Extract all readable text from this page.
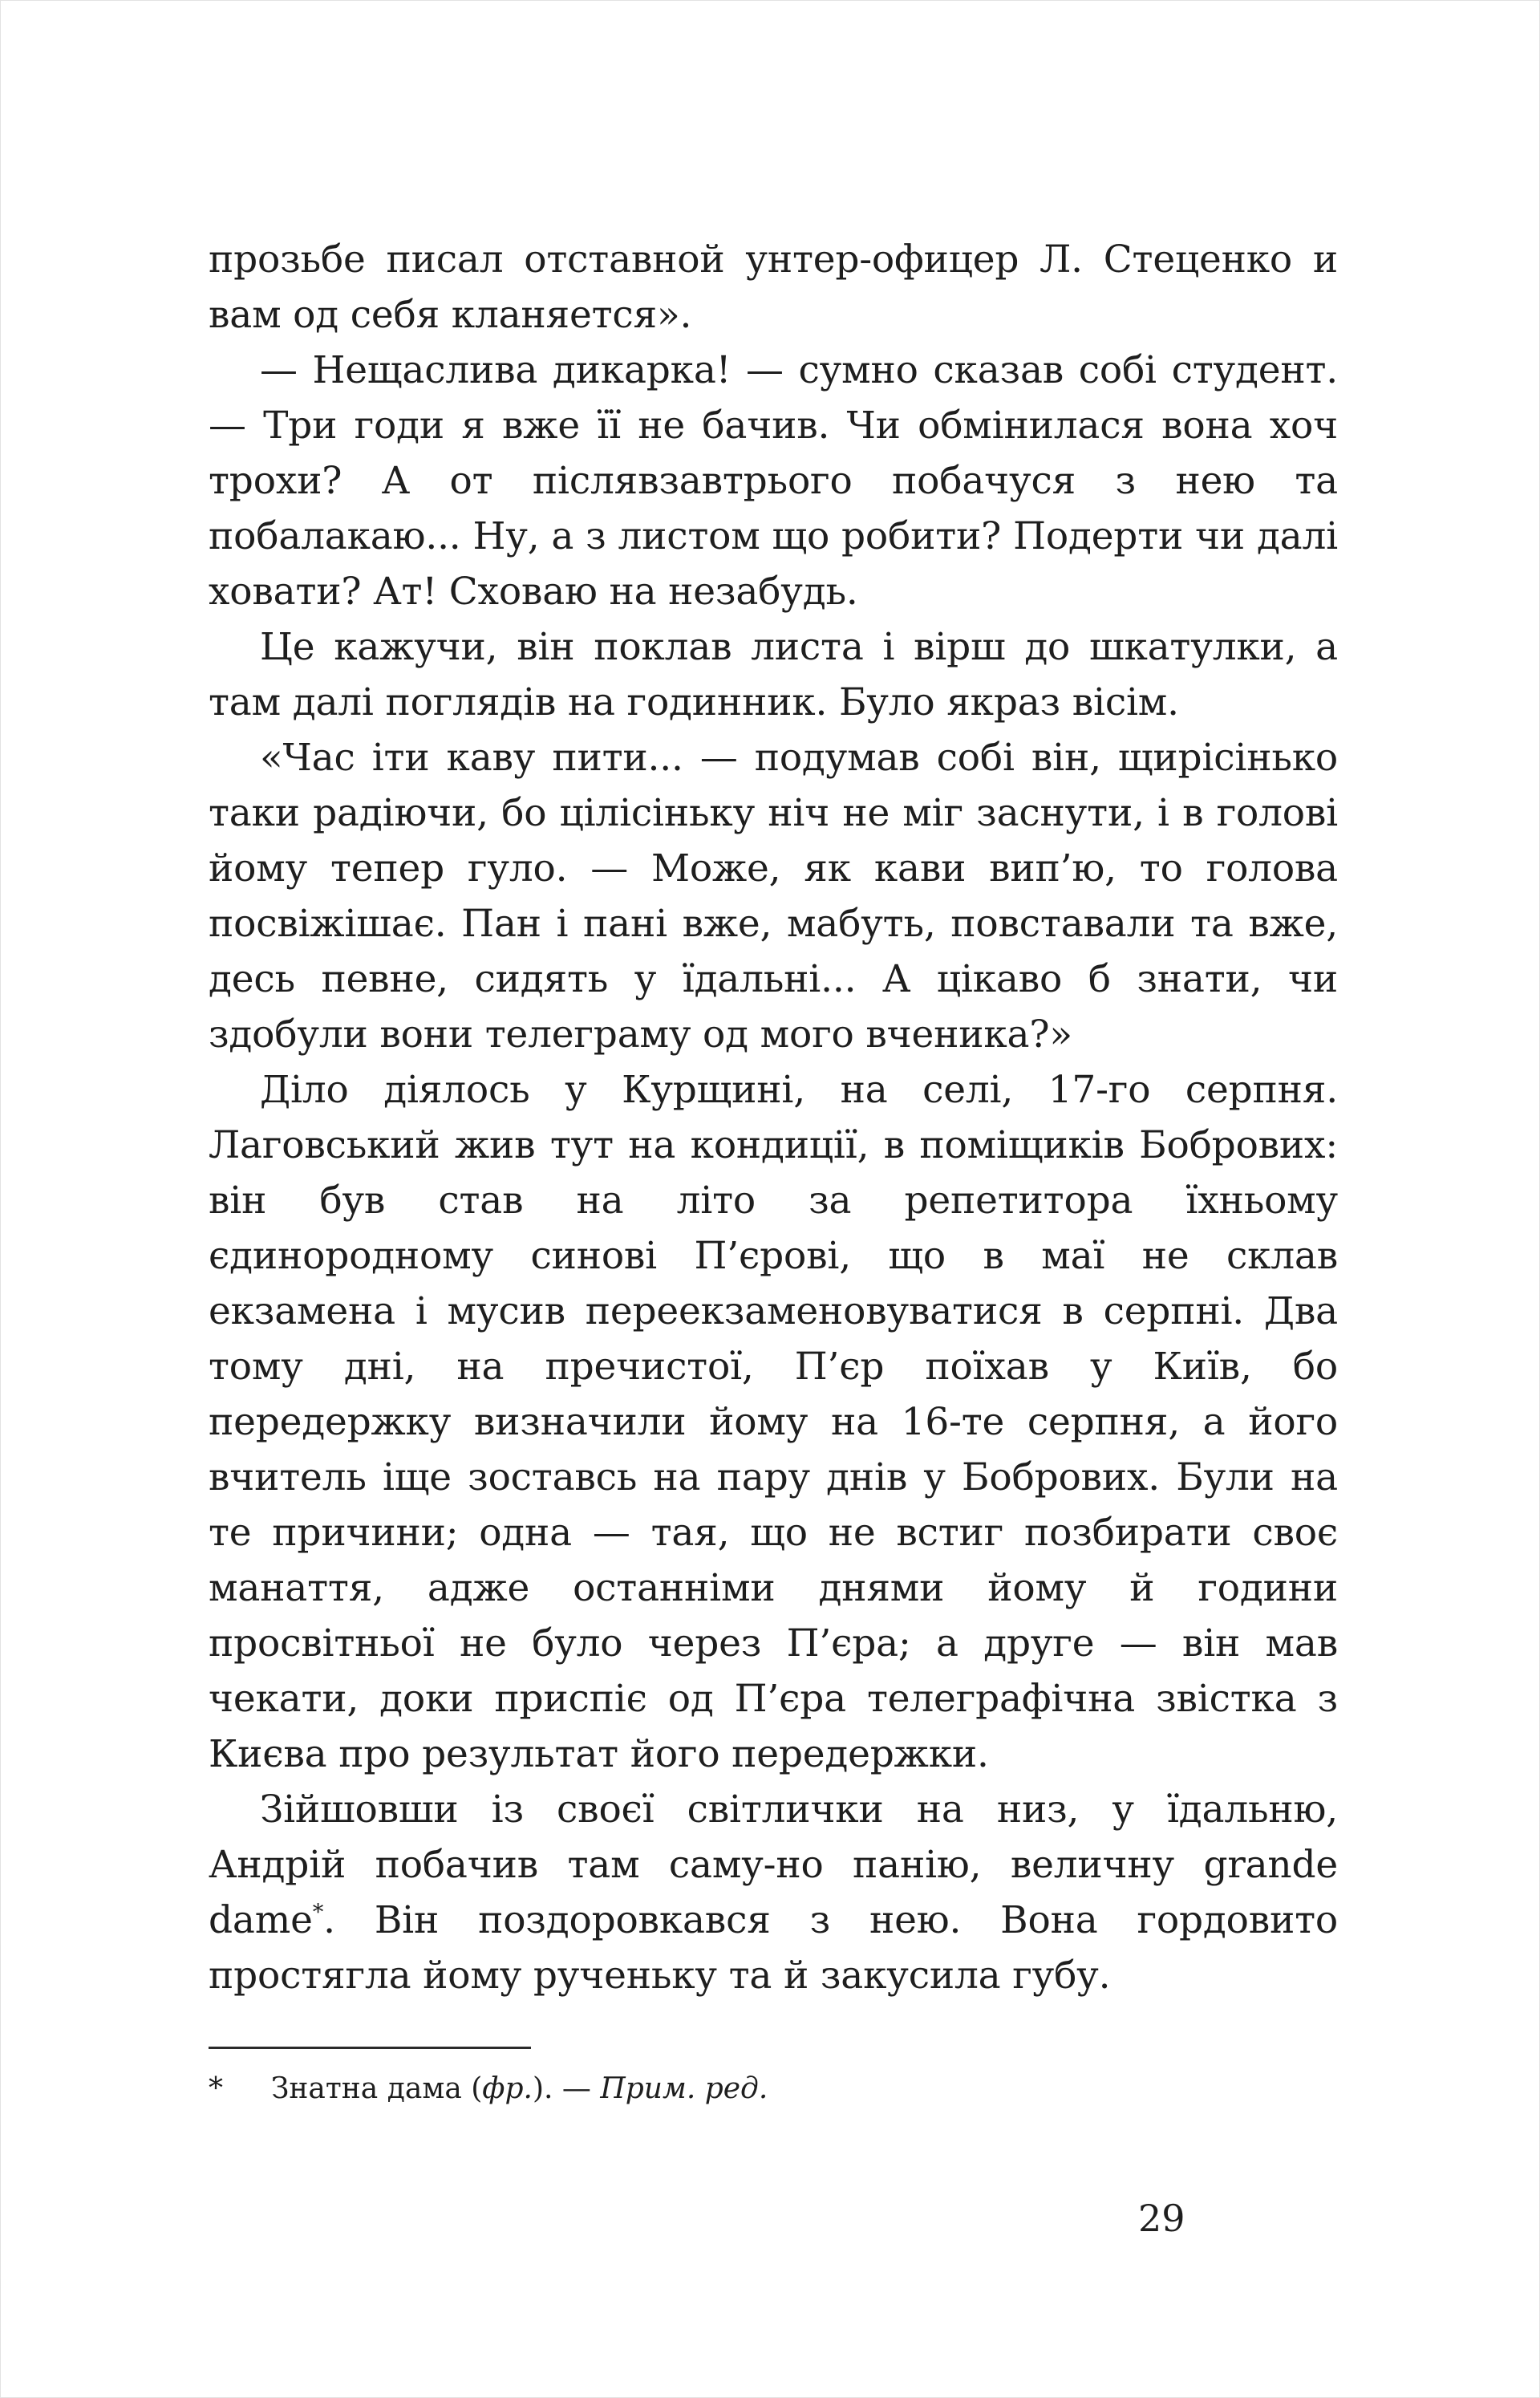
прозьбе писал отставной унтер-офицер Л. Стеценко и вам од себя кланяется».

— Нещаслива дикарка! — сумно сказав собі студент. — Три годи я вже її не бачив. Чи обмінилася вона хоч трохи? А от післявзавтрього побачуся з нею та побалакаю... Ну, а з листом що робити? Подерти чи далі ховати? Ат! Сховаю на незабудь.

Це кажучи, він поклав листа і вірш до шкатулки, а там далі поглядів на годинник. Було якраз вісім.

«Час іти каву пити... — подумав собі він, щирісінько таки радіючи, бо цілісіньку ніч не міг заснути, і в голові йому тепер гуло. — Може, як кави вип’ю, то голова посвіжішає. Пан і пані вже, мабуть, повставали та вже, десь певне, сидять у їдальні... А цікаво б знати, чи здобули вони телеграму од мого вченика?»

Діло діялось у Курщині, на селі, 17-го серпня. Лаговський жив тут на кондиції, в поміщиків Бобрових: він був став на літо за репетитора їхньому єдинородному синові П’єрові, що в маї не склав екзамена і мусив переекзаменовуватися в серпні. Два тому дні, на пречистої, П’єр поїхав у Київ, бо передержку визначили йому на 16-те серпня, а його вчитель іще зоставсь на пару днів у Бобрових. Були на те причини; одна — тая, що не встиг позбирати своє манаття, адже останніми днями йому й години просвітньої не було через П’єра; а друге — він мав чекати, доки приспіє од П’єра телеграфічна звістка з Києва про результат його передержки.

Зійшовши із своєї світлички на низ, у їдальню, Андрій побачив там саму-но панію, величну grande dame*. Він поздоровкався з нею. Вона гордовито простягла йому рученьку та й закусила губу.

*	Знатна дама (фр.). — Прим. ред.
29
